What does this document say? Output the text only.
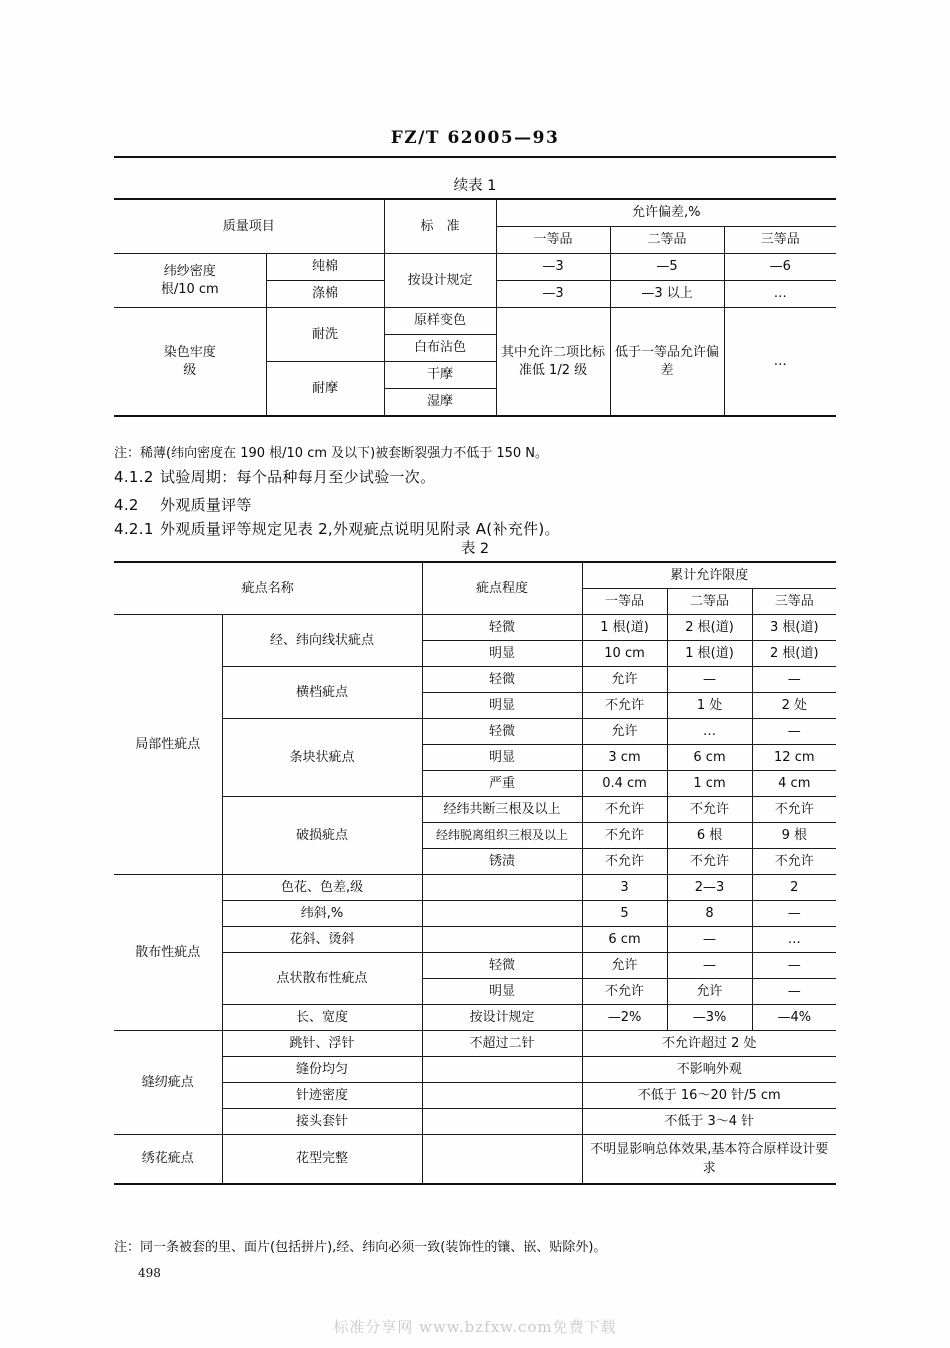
FZ/T 62005—93
续表 1
质量项目		标　准	允许偏差,%		
			一等品	二等品	三等品
纬纱密度
根/10 cm	纯棉	按设计规定	—3	—5	—6
	涤棉		—3	—3 以上	…
染色牢度
级	耐洗	原样变色	其中允许二项比标准低 1/2 级	低于一等品允许偏差	…
		白布沾色			
	耐摩	干摩			
		湿摩			
注：稀薄(纬向密度在 190 根/10 cm 及以下)被套断裂强力不低于 150 N。
4.1.2 试验周期：每个品种每月至少试验一次。
4.2 外观质量评等
4.2.1 外观质量评等规定见表 2,外观疵点说明见附录 A(补充件)。
表 2
疵点名称		疵点程度	累计允许限度		
			一等品	二等品	三等品
局部性疵点	经、纬向线状疵点	轻微	1 根(道)	2 根(道)	3 根(道)
		明显	10 cm	1 根(道)	2 根(道)
	横档疵点	轻微	允许	—	—
		明显	不允许	1 处	2 处
	条块状疵点	轻微	允许	…	—
		明显	3 cm	6 cm	12 cm
		严重	0.4 cm	1 cm	4 cm
	破损疵点	经纬共断三根及以上	不允许	不允许	不允许
		经纬脱离组织三根及以上	不允许	6 根	9 根
		锈渍	不允许	不允许	不允许
散布性疵点	色花、色差,级		3	2—3	2
	纬斜,%		5	8	—
	花斜、烫斜		6 cm	—	…
	点状散布性疵点	轻微	允许	—	—
		明显	不允许	允许	—
	长、宽度	按设计规定	—2%	—3%	—4%
缝纫疵点	跳针、浮针	不超过二针	不允许超过 2 处		
	缝份均匀		不影响外观		
	针迹密度		不低于 16～20 针/5 cm		
	接头套针		不低于 3～4 针		
绣花疵点	花型完整		不明显影响总体效果,基本符合原样设计要求		
注：同一条被套的里、面片(包括拼片),经、纬向必须一致(装饰性的镶、嵌、贴除外)。
498
标准分享网 www.bzfxw.com免费下载
